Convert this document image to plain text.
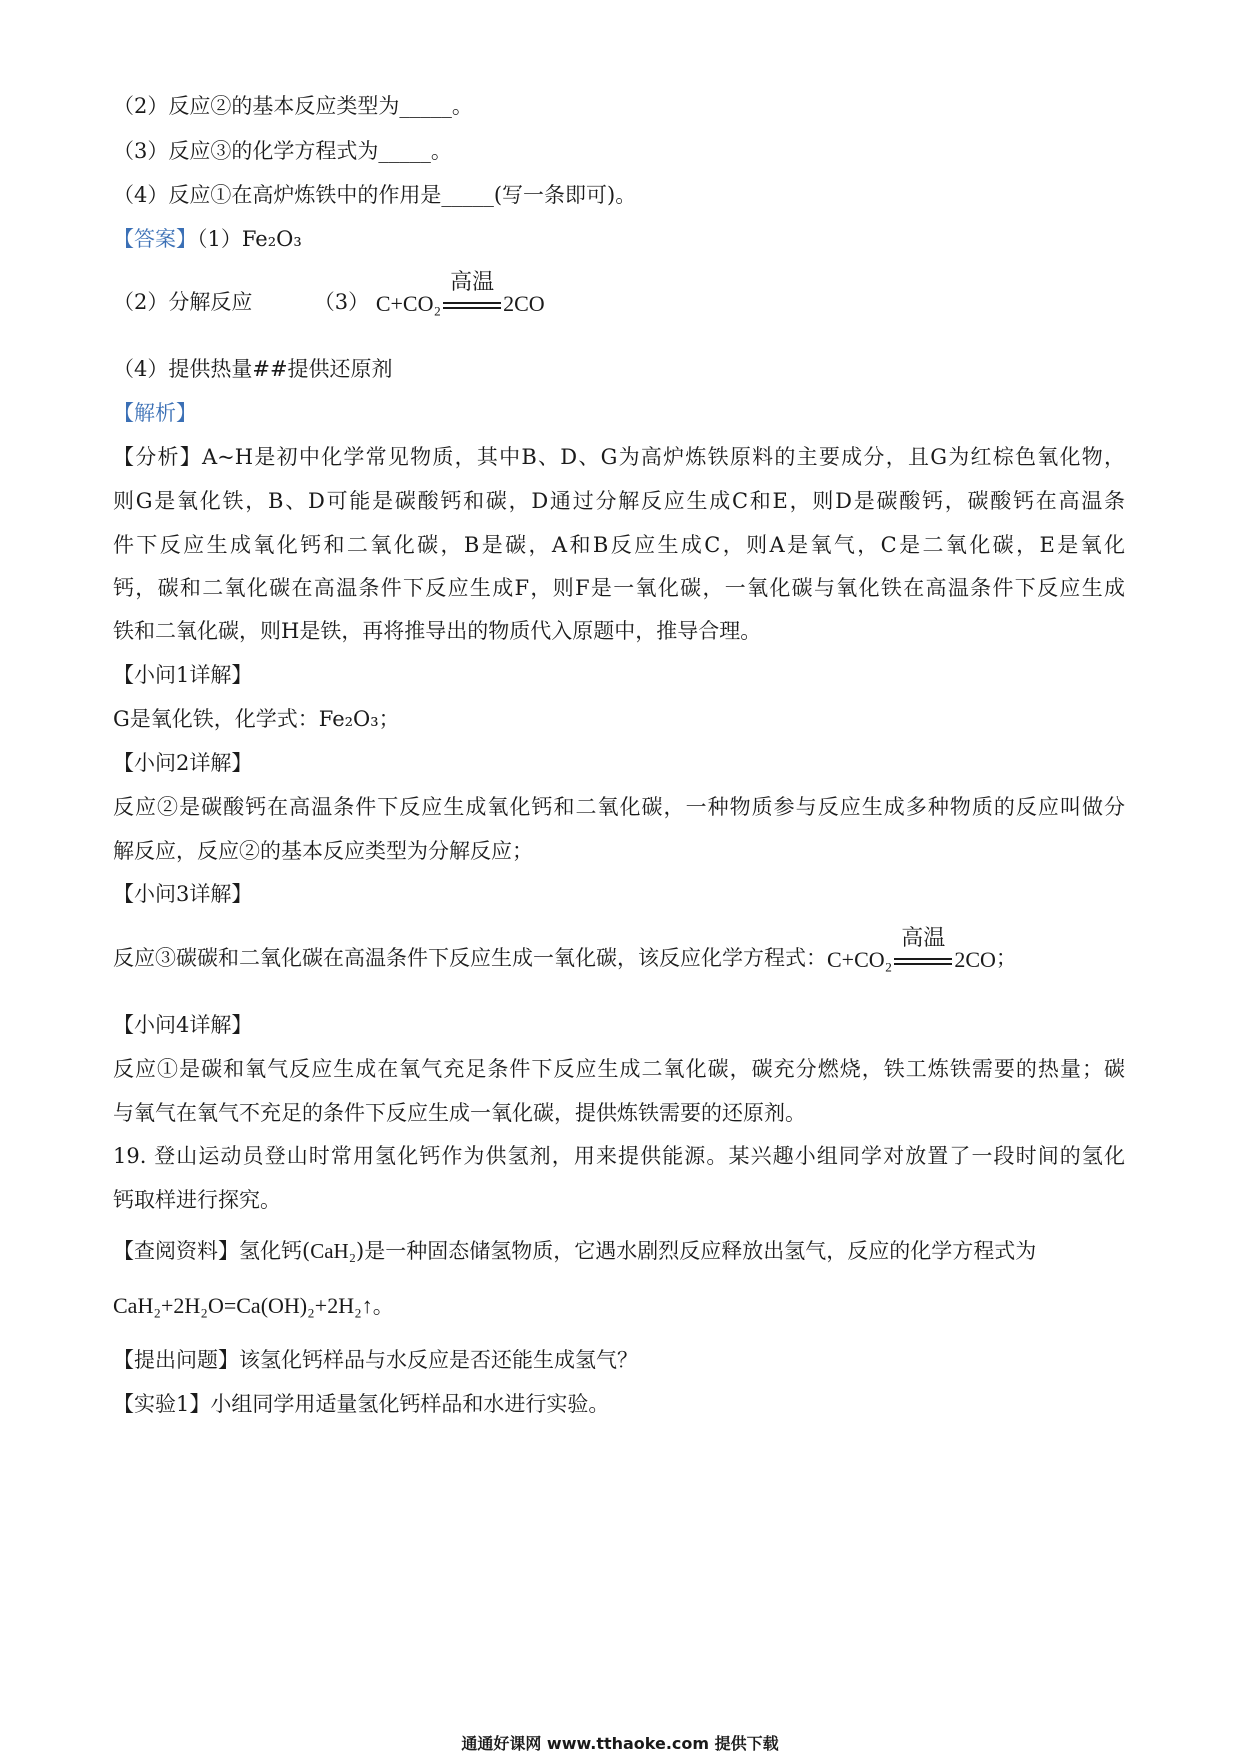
（2）反应②的基本反应类型为_____。
（3）反应③的化学方程式为_____。
（4）反应①在高炉炼铁中的作用是_____(写一条即可)。
【答案】（1）Fe₂O₃
（2）分解反应	（3） C+CO₂
高温
2CO
（4）提供热量##提供还原剂
【解析】
【分析】A~H是初中化学常见物质，其中B、D、G为高炉炼铁原料的主要成分，且G为红棕色氧化物，
则G是氧化铁，B、D可能是碳酸钙和碳，D通过分解反应生成C和E，则D是碳酸钙，碳酸钙在高温条
件下反应生成氧化钙和二氧化碳，B是碳，A和B反应生成C，则A是氧气，C是二氧化碳，E是氧化
钙，碳和二氧化碳在高温条件下反应生成F，则F是一氧化碳，一氧化碳与氧化铁在高温条件下反应生成
铁和二氧化碳，则H是铁，再将推导出的物质代入原题中，推导合理。
【小问1详解】
G是氧化铁，化学式：Fe₂O₃；
【小问2详解】
反应②是碳酸钙在高温条件下反应生成氧化钙和二氧化碳，一种物质参与反应生成多种物质的反应叫做分
解反应，反应②的基本反应类型为分解反应；
【小问3详解】
反应③碳碳和二氧化碳在高温条件下反应生成一氧化碳，该反应化学方程式：C+CO₂
高温
2CO；
【小问4详解】
反应①是碳和氧气反应生成在氧气充足条件下反应生成二氧化碳，碳充分燃烧，铁工炼铁需要的热量；碳
与氧气在氧气不充足的条件下反应生成一氧化碳，提供炼铁需要的还原剂。
19. 登山运动员登山时常用氢化钙作为供氢剂，用来提供能源。某兴趣小组同学对放置了一段时间的氢化
钙取样进行探究。
【查阅资料】氢化钙(CaH₂)是一种固态储氢物质，它遇水剧烈反应释放出氢气，反应的化学方程式为
CaH₂+2H₂O=Ca(OH)₂+2H₂↑。
【提出问题】该氢化钙样品与水反应是否还能生成氢气？
【实验1】小组同学用适量氢化钙样品和水进行实验。
通通好课网 www.tthaoke.com 提供下载
